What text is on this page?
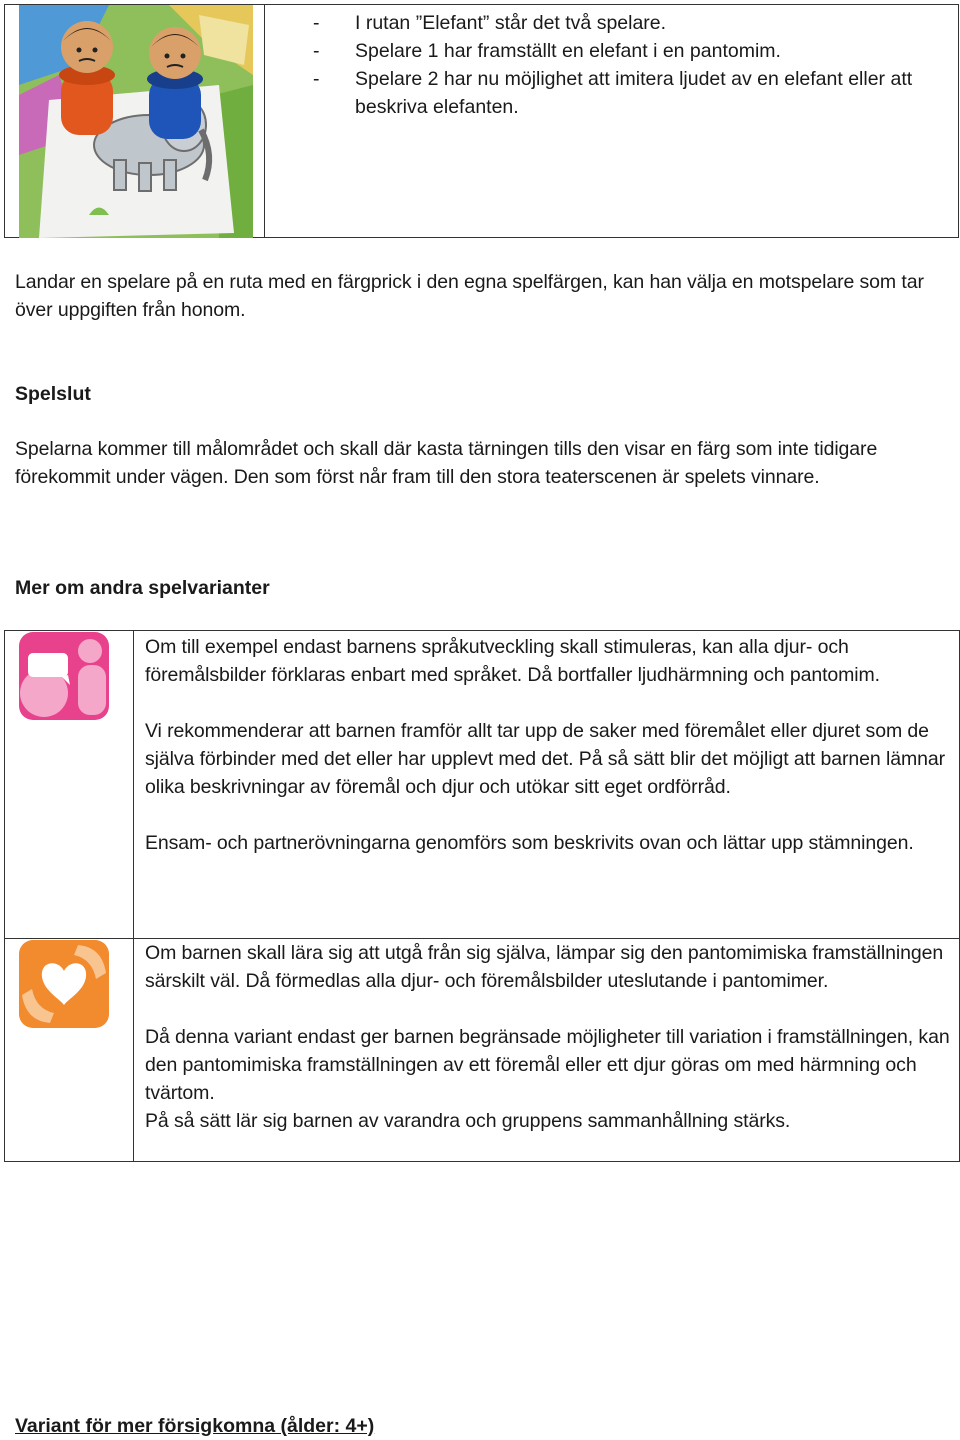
- I rutan ”Elefant” står det två spelare.
- Spelare 1 har framställt en elefant i en pantomim.
- Spelare 2 har nu möjlighet att imitera ljudet av en elefant eller att beskriva elefanten.

Landar en spelare på en ruta med en färgprick i den egna spelfärgen, kan han välja en motspelare som tar över uppgiften från honom.

Spelslut

Spelarna kommer till målområdet och skall där kasta tärningen tills den visar en färg som inte tidigare förekommit under vägen. Den som först når fram till den stora teaterscenen är spelets vinnare.

Mer om andra spelvarianter

Om till exempel endast barnens språkutveckling skall stimuleras, kan alla djur- och föremålsbilder förklaras enbart med språket. Då bortfaller ljudhärmning och pantomim.

Vi rekommenderar att barnen framför allt tar upp de saker med föremålet eller djuret som de själva förbinder med det eller har upplevt med det. På så sätt blir det möjligt att barnen lämnar olika beskrivningar av föremål och djur och utökar sitt eget ordförråd.

Ensam- och partnerövningarna genomförs som beskrivits ovan och lättar upp stämningen.

Om barnen skall lära sig att utgå från sig själva, lämpar sig den pantomimiska framställningen särskilt väl. Då förmedlas alla djur- och föremålsbilder uteslutande i pantomimer.

Då denna variant endast ger barnen begränsade möjligheter till variation i framställningen, kan den pantomimiska framställningen av ett föremål eller ett djur göras om med härmning och tvärtom.

På så sätt lär sig barnen av varandra och gruppens sammanhållning stärks.

Variant för mer försigkomna (ålder: 4+)
